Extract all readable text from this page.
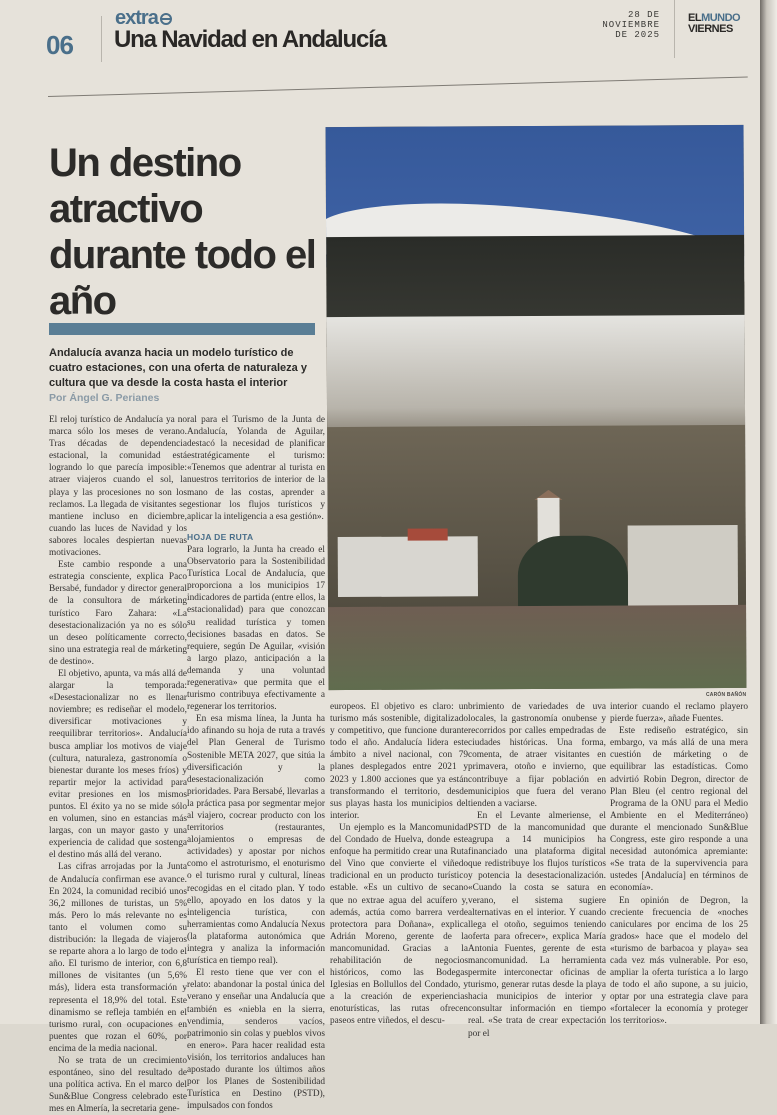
06
extra
Una Navidad en Andalucía
28 DE
NOVIEMBRE
DE 2025
ELMUNDO
VIERNES
Un destino atractivo durante todo el año

Andalucía avanza hacia un modelo turístico de cuatro estaciones, con una oferta de naturaleza y cultura que va desde la costa hasta el interior

Por Ángel G. Perianes
CARÓN BAÑÓN

El reloj turístico de Andalucía ya no marca sólo los meses de verano. Tras décadas de dependencia estacional, la comunidad está logrando lo que parecía imposible: atraer viajeros cuando el sol, la playa y las procesiones no son los reclamos. La llegada de visitantes se mantiene incluso en diciembre, cuando las luces de Navidad y los sabores locales despiertan nuevas motivaciones.

Este cambio responde a una estrategia consciente, explica Paco Bersabé, fundador y director general de la consultora de márketing turístico Faro Zahara: «La desestacionalización ya no es sólo un deseo políticamente correcto, sino una estrategia real de márketing de destino».

El objetivo, apunta, va más allá de alargar la temporada: «Desestacionalizar no es llenar noviembre; es rediseñar el modelo, diversificar motivaciones y reequilibrar territorios». Andalucía busca ampliar los motivos de viaje (cultura, naturaleza, gastronomía o bienestar durante los meses fríos) y repartir mejor la actividad para evitar presiones en los mismos puntos. El éxito ya no se mide sólo en volumen, sino en estancias más largas, con un mayor gasto y una experiencia de calidad que sostenga el destino más allá del verano.

Las cifras arrojadas por la Junta de Andalucía confirman ese avance. En 2024, la comunidad recibió unos 36,2 millones de turistas, un 5% más. Pero lo más relevante no es tanto el volumen como su distribución: la llegada de viajeros se reparte ahora a lo largo de todo el año. El turismo de interior, con 6,8 millones de visitantes (un 5,6% más), lidera esta transformación y representa el 18,9% del total. Este dinamismo se refleja también en el turismo rural, con ocupaciones en puentes que rozan el 60%, por encima de la media nacional.

No se trata de un crecimiento espontáneo, sino del resultado de una política activa. En el marco del Sun&Blue Congress celebrado este mes en Almería, la secretaria gene-

ral para el Turismo de la Junta de Andalucía, Yolanda de Aguilar, destacó la necesidad de planificar estratégicamente el turismo: «Tenemos que adentrar al turista en nuestros territorios de interior de la mano de las costas, aprender a gestionar los flujos turísticos y aplicar la inteligencia a esa gestión».

HOJA DE RUTA

Para lograrlo, la Junta ha creado el Observatorio para la Sostenibilidad Turística Local de Andalucía, que proporciona a los municipios 17 indicadores de partida (entre ellos, la estacionalidad) para que conozcan su realidad turística y tomen decisiones basadas en datos. Se requiere, según De Aguilar, «visión a largo plazo, anticipación a la demanda y una voluntad regenerativa» que permita que el turismo contribuya efectivamente a regenerar los territorios.

En esa misma línea, la Junta ha ido afinando su hoja de ruta a través del Plan General de Turismo Sostenible META 2027, que sitúa la diversificación y la desestacionalización como prioridades. Para Bersabé, llevarlas a la práctica pasa por segmentar mejor al viajero, cocrear producto con los territorios (restaurantes, alojamientos o empresas de actividades) y apostar por nichos como el astroturismo, el enoturismo o el turismo rural y cultural, líneas recogidas en el citado plan. Y todo ello, apoyado en los datos y la inteligencia turística, con herramientas como Andalucía Nexus (la plataforma autonómica que integra y analiza la información turística en tiempo real).

El resto tiene que ver con el relato: abandonar la postal única del verano y enseñar una Andalucía que también es «niebla en la sierra, vendimia, senderos vacíos, patrimonio sin colas y pueblos vivos en enero». Para hacer realidad esta visión, los territorios andaluces han apostado durante los últimos años por los Planes de Sostenibilidad Turística en Destino (PSTD), impulsados con fondos

europeos. El objetivo es claro: un turismo más sostenible, digitalizado y competitivo, que funcione durante todo el año. Andalucía lidera este ámbito a nivel nacional, con 79 planes desplegados entre 2021 y 2023 y 1.800 acciones que ya están transformando el territorio, desde sus playas hasta los municipios del interior.

Un ejemplo es la Mancomunidad del Condado de Huelva, donde este enfoque ha permitido crear una Ruta del Vino que convierte el viñedo tradicional en un producto turístico estable. «Es un cultivo de secano que no extrae agua del acuífero y, además, actúa como barrera verde protectora para Doñana», explica Adrián Moreno, gerente de la mancomunidad. Gracias a la rehabilitación de negocios históricos, como las Bodegas Iglesias en Bollullos del Condado, y a la creación de experiencias enoturísticas, las rutas ofrecen paseos entre viñedos, el descu-

brimiento de variedades de uva locales, la gastronomía onubense y recorridos por calles empedradas de ciudades históricas. Una forma, comenta, de atraer visitantes en primavera, otoño e invierno, que contribuye a fijar población en municipios que fuera del verano tienden a vaciarse.

En el Levante almeriense, el PSTD de la mancomunidad que agrupa a 14 municipios ha financiado una plataforma digital que redistribuye los flujos turísticos y potencia la desestacionalización. «Cuando la costa se satura en verano, el sistema sugiere alternativas en el interior. Y cuando llega el otoño, seguimos teniendo oferta para ofrecer», explica María Antonia Fuentes, gerente de esta mancomunidad. La herramienta permite interconectar oficinas de turismo, generar rutas desde la playa hacia municipios de interior y consultar información en tiempo real. «Se trata de crear expectación por el

interior cuando el reclamo playero pierde fuerza», añade Fuentes.

Este rediseño estratégico, sin embargo, va más allá de una mera cuestión de márketing o de equilibrar las estadísticas. Como advirtió Robin Degron, director de Plan Bleu (el centro regional del Programa de la ONU para el Medio Ambiente en el Mediterráneo) durante el mencionado Sun&Blue Congress, este giro responde a una necesidad autonómica apremiante: «Se trata de la supervivencia para ustedes [Andalucía] en términos de economía».

En opinión de Degron, la creciente frecuencia de «noches caniculares por encima de los 25 grados» hace que el modelo del «turismo de barbacoa y playa» sea cada vez más vulnerable. Por eso, ampliar la oferta turística a lo largo de todo el año supone, a su juicio, optar por una estrategia clave para «fortalecer la economía y proteger los territorios».
